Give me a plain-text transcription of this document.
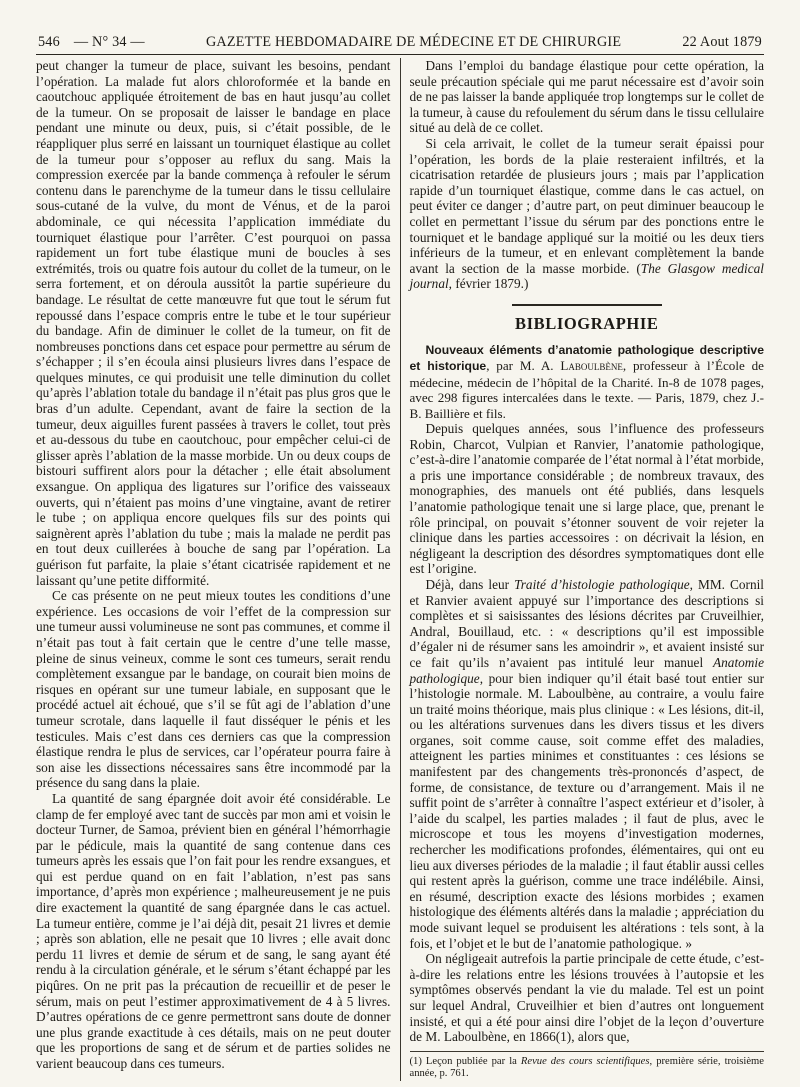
546 — N° 34 —	GAZETTE HEBDOMADAIRE DE MÉDECINE ET DE CHIRURGIE	22 Aout 1879

peut changer la tumeur de place, suivant les besoins, pendant l’opération. La malade fut alors chloroformée et la bande en caoutchouc appliquée étroitement de bas en haut jusqu’au collet de la tumeur. On se proposait de laisser le bandage en place pendant une minute ou deux, puis, si c’était possible, de le réappliquer plus serré en laissant un tourniquet élastique au collet de la tumeur pour s’opposer au reflux du sang. Mais la compression exercée par la bande commença à refouler le sérum contenu dans le parenchyme de la tumeur dans le tissu cellulaire sous-cutané de la vulve, du mont de Vénus, et de la paroi abdominale, ce qui nécessita l’application immédiate du tourniquet élastique pour l’arrêter. C’est pourquoi on passa rapidement un fort tube élastique muni de boucles à ses extrémités, trois ou quatre fois autour du collet de la tumeur, on le serra fortement, et on déroula aussitôt la partie supérieure du bandage. Le résultat de cette manœuvre fut que tout le sérum fut repoussé dans l’espace compris entre le tube et le tour supérieur du bandage. Afin de diminuer le collet de la tumeur, on fit de nombreuses ponctions dans cet espace pour permettre au sérum de s’échapper ; il s’en écoula ainsi plusieurs livres dans l’espace de quelques minutes, ce qui produisit une telle diminution du collet qu’après l’ablation totale du bandage il n’était pas plus gros que le bras d’un adulte. Cependant, avant de faire la section de la tumeur, deux aiguilles furent passées à travers le collet, tout près et au-dessous du tube en caoutchouc, pour empêcher celui-ci de glisser après l’ablation de la masse morbide. Un ou deux coups de bistouri suffirent alors pour la détacher ; elle était absolument exsangue. On appliqua des ligatures sur l’orifice des vaisseaux ouverts, qui n’étaient pas moins d’une vingtaine, avant de retirer le tube ; on appliqua encore quelques fils sur des points qui saignèrent après l’ablation du tube ; mais la malade ne perdit pas en tout deux cuillerées à bouche de sang par l’opération. La guérison fut parfaite, la plaie s’étant cicatrisée rapidement et ne laissant qu’une petite difformité.

Ce cas présente on ne peut mieux toutes les conditions d’une expérience. Les occasions de voir l’effet de la compression sur une tumeur aussi volumineuse ne sont pas communes, et comme il n’était pas tout à fait certain que le centre d’une telle masse, pleine de sinus veineux, comme le sont ces tumeurs, serait rendu complètement exsangue par le bandage, on courait bien moins de risques en opérant sur une tumeur labiale, en supposant que le procédé actuel ait échoué, que s’il se fût agi de l’ablation d’une tumeur scrotale, dans laquelle il faut disséquer le pénis et les testicules. Mais c’est dans ces derniers cas que la compression élastique rendra le plus de services, car l’opérateur pourra faire à son aise les dissections nécessaires sans être incommodé par la présence du sang dans la plaie.

La quantité de sang épargnée doit avoir été considérable. Le clamp de fer employé avec tant de succès par mon ami et voisin le docteur Turner, de Samoa, prévient bien en général l’hémorrhagie par le pédicule, mais la quantité de sang contenue dans ces tumeurs après les essais que l’on fait pour les rendre exsangues, et qui est perdue quand on en fait l’ablation, n’est pas sans importance, d’après mon expérience ; malheureusement je ne puis dire exactement la quantité de sang épargnée dans le cas actuel. La tumeur entière, comme je l’ai déjà dit, pesait 21 livres et demie ; après son ablation, elle ne pesait que 10 livres ; elle avait donc perdu 11 livres et demie de sérum et de sang, le sang ayant été rendu à la circulation générale, et le sérum s’étant échappé par les piqûres. On ne prit pas la précaution de recueillir et de peser le sérum, mais on peut l’estimer approximativement de 4 à 5 livres. D’autres opérations de ce genre permettront sans doute de donner une plus grande exactitude à ces détails, mais on ne peut douter que les proportions de sang et de sérum et de parties solides ne varient beaucoup dans ces tumeurs.

Dans l’emploi du bandage élastique pour cette opération, la seule précaution spéciale qui me parut nécessaire est d’avoir soin de ne pas laisser la bande appliquée trop longtemps sur le collet de la tumeur, à cause du refoulement du sérum dans le tissu cellulaire situé au delà de ce collet.

Si cela arrivait, le collet de la tumeur serait épaissi pour l’opération, les bords de la plaie resteraient infiltrés, et la cicatrisation retardée de plusieurs jours ; mais par l’application rapide d’un tourniquet élastique, comme dans le cas actuel, on peut éviter ce danger ; d’autre part, on peut diminuer beaucoup le collet en permettant l’issue du sérum par des ponctions entre le tourniquet et le bandage appliqué sur la moitié ou les deux tiers inférieurs de la tumeur, et en enlevant complètement la bande avant la section de la masse morbide. (The Glasgow medical journal, février 1879.)

BIBLIOGRAPHIE

Nouveaux éléments d’anatomie pathologique descriptive et historique, par M. A. Laboulbène, professeur à l’École de médecine, médecin de l’hôpital de la Charité. In-8 de 1078 pages, avec 298 figures intercalées dans le texte. — Paris, 1879, chez J.-B. Baillière et fils.

Depuis quelques années, sous l’influence des professeurs Robin, Charcot, Vulpian et Ranvier, l’anatomie pathologique, c’est-à-dire l’anatomie comparée de l’état normal à l’état morbide, a pris une importance considérable ; de nombreux travaux, des monographies, des manuels ont été publiés, dans lesquels l’anatomie pathologique tenait une si large place, que, prenant le rôle principal, on pouvait s’étonner souvent de voir rejeter la clinique dans les parties accessoires : on décrivait la lésion, en négligeant la description des désordres symptomatiques dont elle est l’origine.

Déjà, dans leur Traité d’histologie pathologique, MM. Cornil et Ranvier avaient appuyé sur l’importance des descriptions si complètes et si saisissantes des lésions décrites par Cruveilhier, Andral, Bouillaud, etc. : « descriptions qu’il est impossible d’égaler ni de résumer sans les amoindrir », et avaient insisté sur ce fait qu’ils n’avaient pas intitulé leur manuel Anatomie pathologique, pour bien indiquer qu’il était basé tout entier sur l’histologie normale. M. Laboulbène, au contraire, a voulu faire un traité moins théorique, mais plus clinique : « Les lésions, dit-il, ou les altérations survenues dans les divers tissus et les divers organes, soit comme cause, soit comme effet des maladies, atteignent les parties minimes et constituantes : ces lésions se manifestent par des changements très-prononcés d’aspect, de forme, de consistance, de texture ou d’arrangement. Mais il ne suffit point de s’arrêter à connaître l’aspect extérieur et d’isoler, à l’aide du scalpel, les parties malades ; il faut de plus, avec le microscope et tous les moyens d’investigation modernes, rechercher les modifications profondes, élémentaires, qui ont eu lieu aux diverses périodes de la maladie ; il faut établir aussi celles qui restent après la guérison, comme une trace indélébile. Ainsi, en résumé, description exacte des lésions morbides ; examen histologique des éléments altérés dans la maladie ; appréciation du mode suivant lequel se produisent les altérations : tels sont, à la fois, et l’objet et le but de l’anatomie pathologique. »

On négligeait autrefois la partie principale de cette étude, c’est-à-dire les relations entre les lésions trouvées à l’autopsie et les symptômes observés pendant la vie du malade. Tel est un point sur lequel Andral, Cruveilhier et bien d’autres ont longuement insisté, et qui a été pour ainsi dire l’objet de la leçon d’ouverture de M. Laboulbène, en 1866(1), alors que,

(1) Leçon publiée par la Revue des cours scientifiques, première série, troisième année, p. 761.
